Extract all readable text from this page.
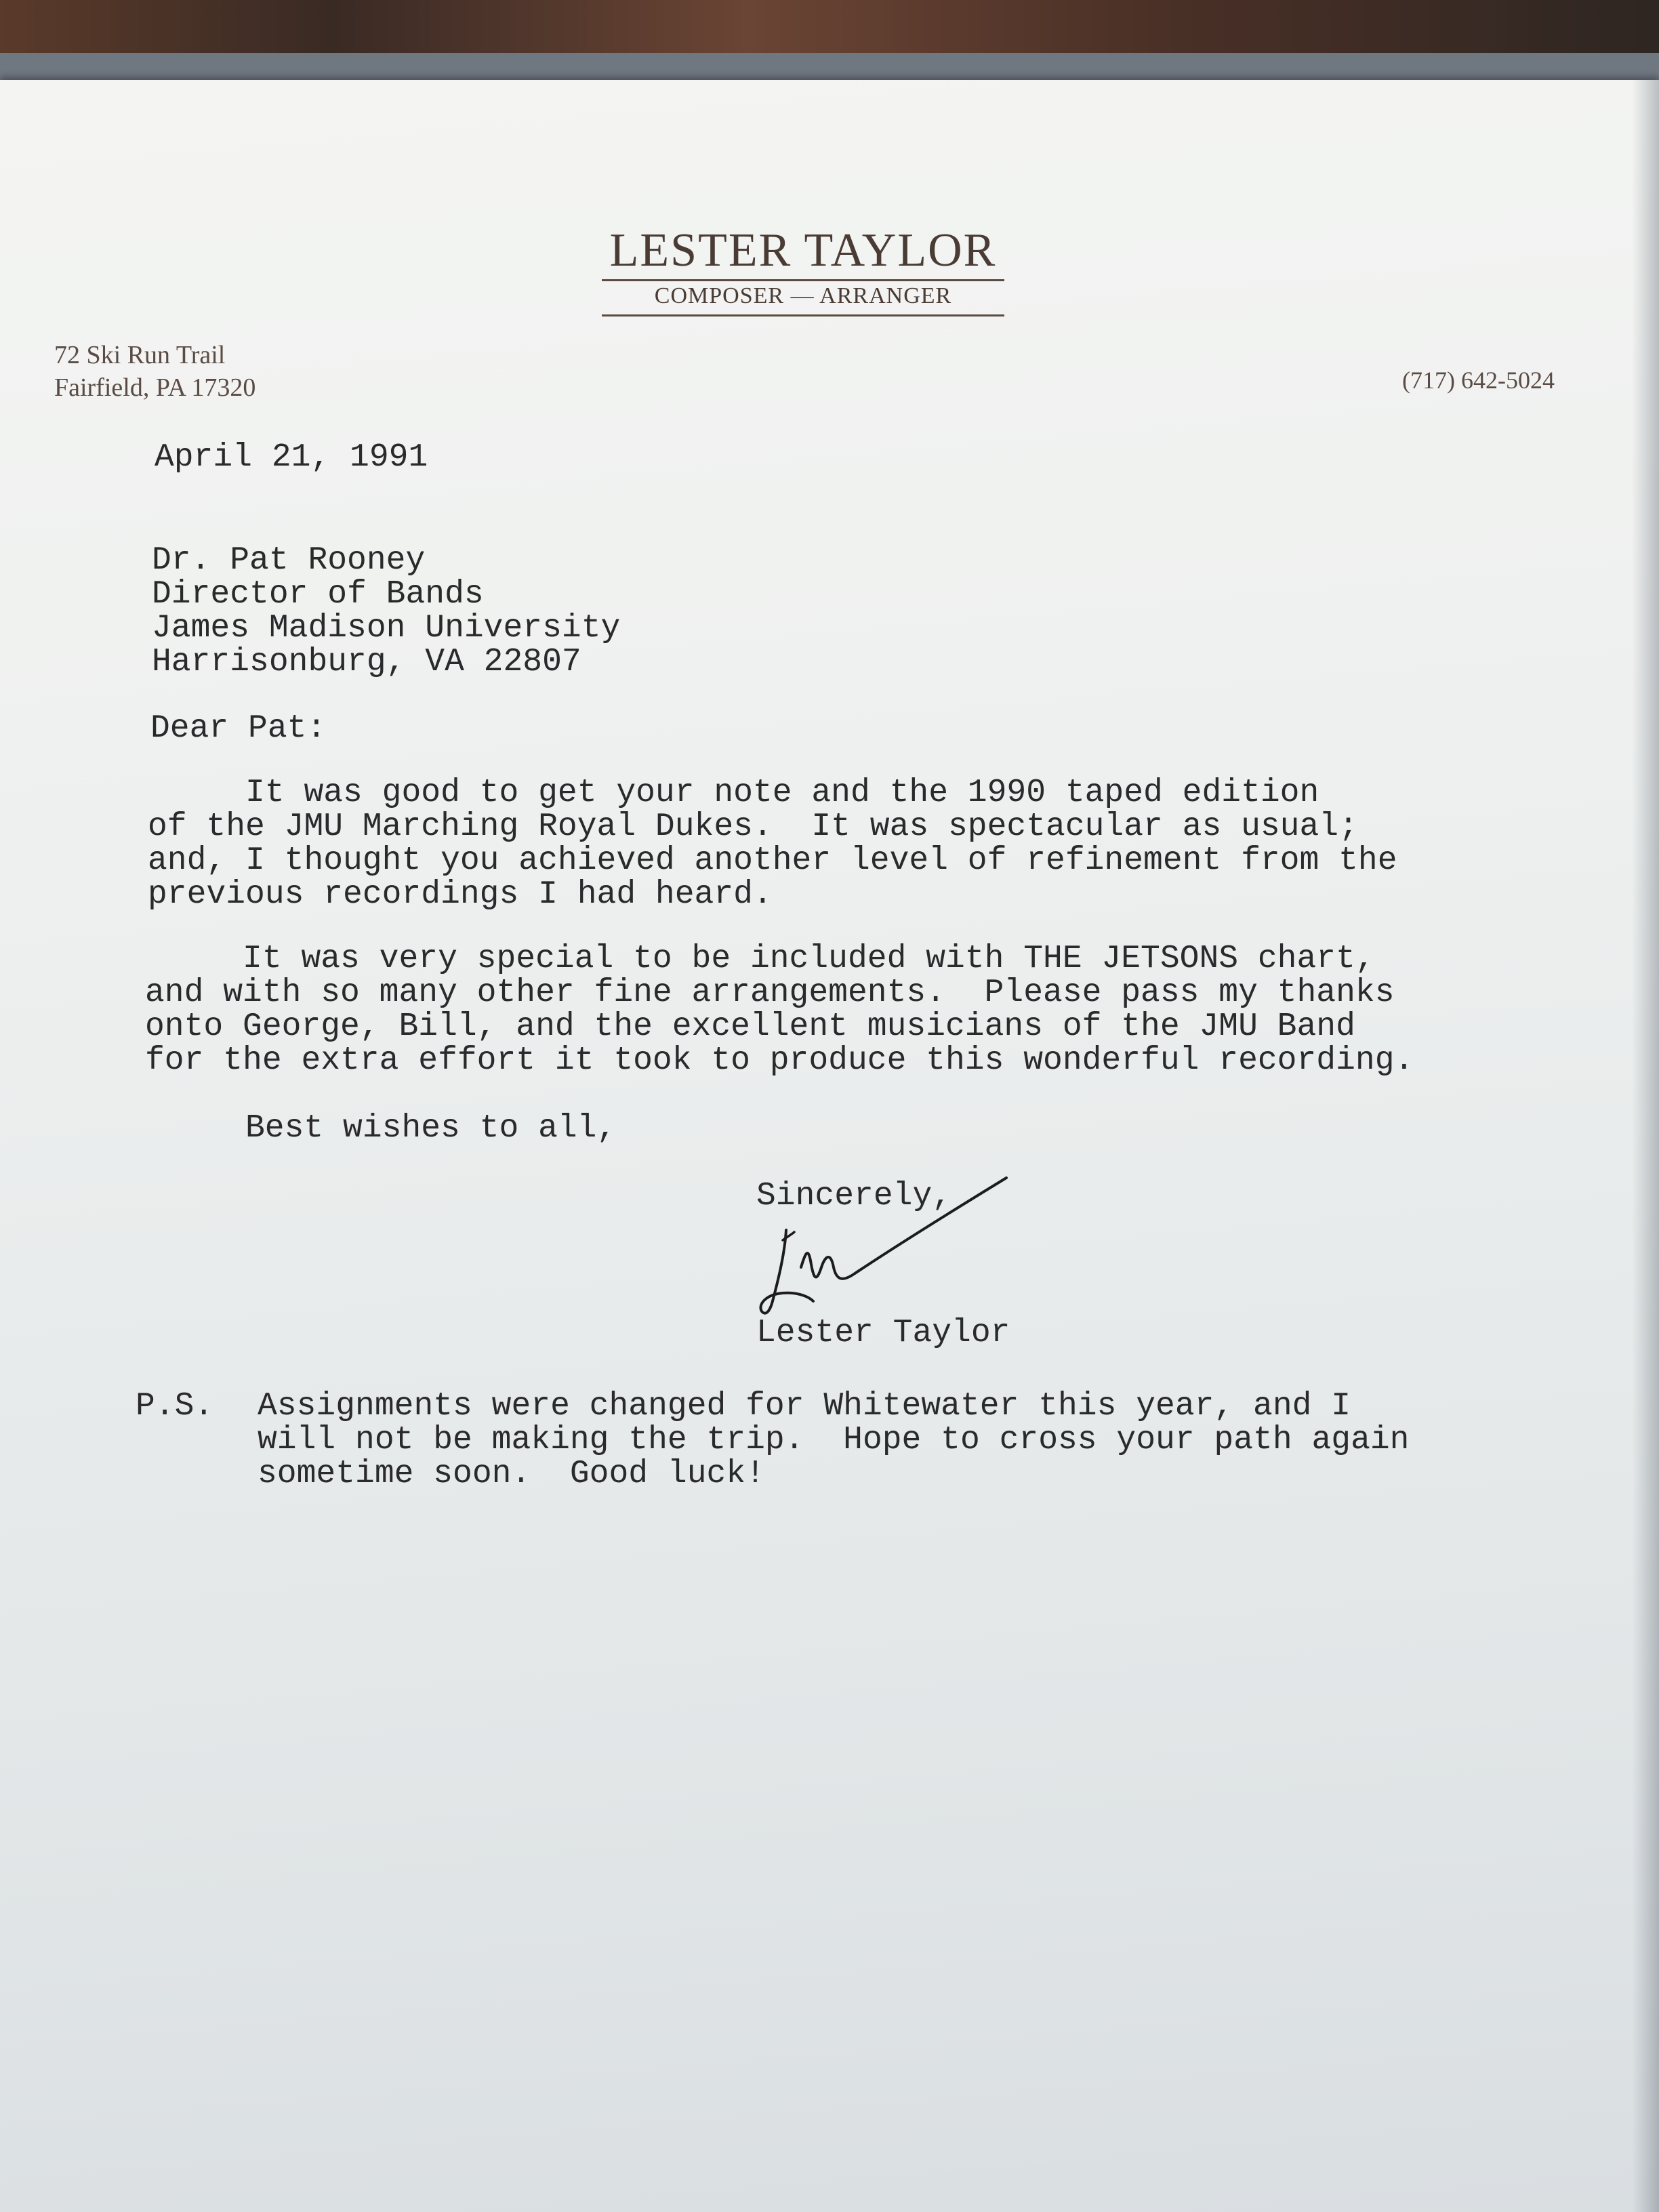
LESTER TAYLOR
COMPOSER — ARRANGER
72 Ski Run Trail
Fairfield, PA 17320	(717) 642-5024
April 21, 1991
Dr. Pat Rooney
Director of Bands
James Madison University
Harrisonburg, VA 22807
Dear Pat:
It was good to get your note and the 1990 taped edition
of the JMU Marching Royal Dukes.  It was spectacular as usual;
and, I thought you achieved another level of refinement from the
previous recordings I had heard.
It was very special to be included with THE JETSONS chart,
and with so many other fine arrangements.  Please pass my thanks
onto George, Bill, and the excellent musicians of the JMU Band
for the extra effort it took to produce this wonderful recording.
Best wishes to all,
Sincerely,
Lester Taylor
P.S. Assignments were changed for Whitewater this year, and I
will not be making the trip.  Hope to cross your path again
sometime soon.  Good luck!
